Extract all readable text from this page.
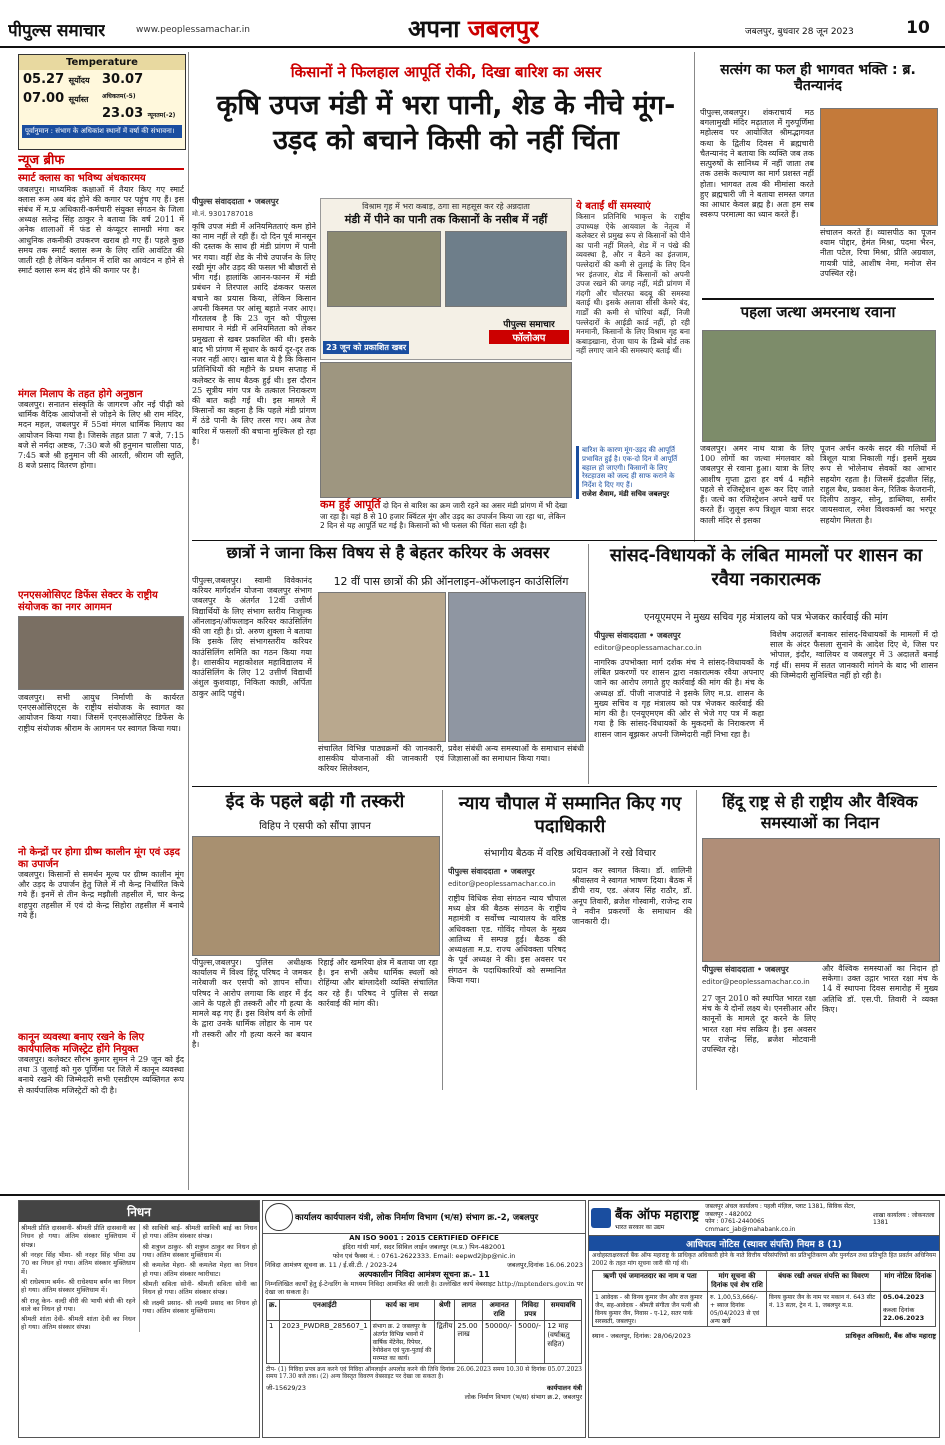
पीपुल्स समाचार	www.peoplessamachar.in	अपना जबलपुर	जबलपुर, बुधवार 28 जून 2023	10
Temperature
05.27 सूर्योदय
07.00 सूर्यास्त
30.07 अधिकतम(-5)
23.03 न्यूनतम(-2)
पूर्वानुमान : संभाग के अधिकांश स्थानों में वर्षा की संभावना।
न्यूज ब्रीफ
स्मार्ट क्लास का भविष्य अंधकारमय
जबलपुर। माध्यमिक कक्षाओं में तैयार किए गए स्मार्ट क्लास रूम अब बंद होने की कगार पर पहुंच गए हैं। इस संबंध में म.प्र अधिकारी-कर्मचारी संयुक्त संगठन के जिला अध्यक्ष सतेन्द्र सिंह ठाकुर ने बताया कि वर्ष 2011 में अनेक शालाओं में फंड से कंप्यूटर सामग्री मंगा कर आधुनिक तकनीकी उपकरण खराब हो गए हैं। पहले कुछ समय तक स्मार्ट क्लास रूम के लिए राशि आवंटित की जाती रही है लेकिन वर्तमान में राशि का आवंटन न होने से स्मार्ट क्लास रूम बंद होने की कगार पर है।
मंगल मिलाप के तहत होगे अनुष्ठान
जबलपुर। सनातन संस्कृति के जागरण और नई पीढ़ी को धार्मिक वैदिक आयोजनों से जोड़ने के लिए श्री राम मंदिर, मदन महल, जबलपुर में 55वां मंगल धार्मिक मिलाप का आयोजन किया गया है। जिसके तहत प्रातः 7 बजे, 7:15 बजे से नर्मदा अष्टक, 7:30 बजे श्री हनुमान चालीसा पाठ, 7:45 बजे श्री हनुमान जी की आरती, श्रीराम जी स्तुति, 8 बजे प्रसाद वितरण होगा।
एनएसओसिएट डिफेंस सेक्टर के राष्ट्रीय संयोजक का नगर आगमन
जबलपुर। सभी आयुध निर्माणी के कार्यरत एनएसओसिएट्स के राष्ट्रीय संयोजक के स्वागत का आयोजन किया गया। जिसमें एनएसओसिएट डिफेंस के राष्ट्रीय संयोजक श्रीराम के आगमन पर स्वागत किया गया।
नो केन्द्रों पर होगा ग्रीष्म कालीन मूंग एवं उड़द का उपार्जन
जबलपुर। किसानों से समर्थन मूल्य पर ग्रीष्म कालीन मूंग और उड़द के उपार्जन हेतु जिले में नौ केन्द्र निर्धारित किये गये हैं। इनमें से तीन केन्द्र मझौली तहसील में, चार केन्द्र शहपुरा तहसील में एवं दो केन्द्र सिहोरा तहसील में बनाये गये हैं।
कानून व्यवस्था बनाए रखने के लिए कार्यपालिक मजिस्ट्रेट होंगे नियुक्त
जबलपुर। कलेक्टर सौरभ कुमार सुमन ने 29 जून को ईद तथा 3 जुलाई को गुरु पूर्णिमा पर जिले में कानून व्यवस्था बनाये रखने की जिम्मेदारी सभी एसडीएम व्यक्तिगत रूप से कार्यपालिक मजिस्ट्रेटों को दी है।
किसानों ने फिलहाल आपूर्ति रोकी, दिखा बारिश का असर
कृषि उपज मंडी में भरा पानी, शेड के नीचे मूंग-उड़द को बचाने किसी को नहीं चिंता
पीपुल्स संवाददाता • जबलपुर
मो.नं. 9301787018
कृषि उपज मंडी में अनियमितताएं कम होने का नाम नहीं ले रही हैं। दो दिन पूर्व मानसून की दस्तक के साथ ही मंडी प्रांगण में पानी भर गया। वहीं शेड के नीचे उपार्जन के लिए रखी मूंग और उड़द की फसल भी बौछारों से भीग गई। हालांकि आनन-फानन में मंडी प्रबंधन ने तिरपाल आदि ढंककर फसल बचाने का प्रयास किया, लेकिन किसान अपनी किस्मत पर आंसू बहाते नजर आए। गौरतलब है कि 23 जून को पीपुल्स समाचार ने मंडी में अनियमितता को लेकर प्रमुखता से खबर प्रकाशित की थी। इसके बाद भी प्रांगण में सुधार के कार्य दूर-दूर तक नजर नहीं आए। खास बात ये है कि किसान प्रतिनिधियों की महीने के प्रथम सप्ताह में कलेक्टर के साथ बैठक हुई थी। इस दौरान 25 सूत्रीय मांग पत्र के तत्काल निराकरण की बात कही गई थी। इस मामले में किसानों का कहना है कि पहले मंडी प्रांगण में ठंडे पानी के लिए तरस गए। अब तेज बारिश में फसलों की बचाना मुश्किल हो रहा है।
विश्राम गृह में भरा कबाड़, ठगा सा महसूस कर रहे अन्नदाता
मंडी में पीने का पानी तक किसानों के नसीब में नहीं
23 जून को प्रकाशित खबर
पीपुल्स समाचार
फॉलोअप
कम हुई आपूर्ति दो दिन से बारिश का क्रम जारी रहने का असर मंडी प्रांगण में भी देखा जा रहा है। यहां 8 से 10 हजार क्विंटल मूंग और उड़द का उपार्जन किया जा रहा था, लेकिन 2 दिन से यह आपूर्ति घट गई है। किसानों को भी फसल की चिंता सता रही है।
ये बताईं थीं समस्याएं
किसान प्रतिनिधि भाकृत्त के राष्ट्रीय उपाध्यक्ष ऐके आयवाल के नेतृत्व में कलेक्टर से प्रमुख रूप से किसानों को पीने का पानी नहीं मिलने, शेड में न पंखे की व्यवस्था है, और न बैठने का इंतजाम, पल्लेदारों की कमी से तुलाई के लिए दिन भर इंतजार, शेड में किसानों को अपनी उपज रखने की जगह नहीं, मंडी प्रांगण में गंदगी और चौतरफा बदबू की समस्या बताई थी। इसके अलावा सीसी केमरे बंद, गार्डों की कमी से चोरियां बढ़ीं, निजी पल्लेदारों के आईडी कार्ड नहीं, हो रही मनमानी, किसानों के लिए विश्राम गृह बना कबाड़खाना, रोजा चाय के डिब्बे बोर्ड तक नहीं लगाए जाने की समस्याएं बताई थीं।
बारिश के कारण मूंग-उड़द की आपूर्ति प्रभावित हुई है। एक-दो दिन में आपूर्ति बहाल हो जाएगी। किसानों के लिए रेस्टहाउस को जल्द ही साफ कराने के निर्देश दे दिए गए हैं।
राजेश शैवाम, मंडी सचिव जबलपुर
सत्संग का फल ही भागवत भक्ति : ब्र. चैतन्यानंद
पीपुल्स,जबलपुर। शंकराचार्य मठ बगलामुखी मंदिर मढ़ाताल में गुरुपूर्णिमा महोत्सव पर आयोजित श्रीमद्भागवत कथा के द्वितीय दिवस में ब्रह्मचारी चैतन्यानंद ने बताया कि व्यक्ति जब तक सत्पुरुषों के सानिध्य में नहीं जाता तब तक उसके कल्याण का मार्ग प्रशस्त नहीं होता। भागवत तत्व की मीमांसा करते हुए ब्रह्मचारी जी ने बताया समस्त जगत का आधार केवल ब्रह्म है। अतः हम सब स्वरूप परमात्मा का ध्यान करते हैं।
संचालन करते हैं। व्यासपीठ का पूजन श्याम पोद्दार, हेमंत मिश्रा, पदमा भैरन, नीता पटेल, रिचा मिश्रा, प्रीति अग्रवाल, गायत्री पांडे, आशीष नेमा, मनोज सेन उपस्थित रहे।
पहला जत्था अमरनाथ रवाना
जबलपुर। अमर नाथ यात्रा के लिए 100 लोगों का जत्था मंगलवार को जबलपुर से रवाना हुआ। यात्रा के लिए आशीष गुप्ता द्वारा हर वर्ष 4 महीने पहले से रजिस्ट्रेशन शुरू कर दिए जाते हैं। जत्थे का रजिस्ट्रेशन अपने खर्चे पर करते हैं। जुलूस रूप त्रिशूल यात्रा सदर काली मंदिर से इसका
पूजन अर्चन करके सदर की गलियों में त्रिशूल यात्रा निकाली गई। इसमें मुख्य रूप से भोलेनाथ सेवकों का आभार सहयोग रहता है। जिसमें इंद्रजीत सिंह, राहुल बैध, प्रकाश केन, रितिक केजरानी, दिलीप ठाकुर, सोनू, डाब्लिया, समीर जायसवाल, रमेश विश्वकर्मा का भरपूर सहयोग मिलता है।
छात्रों ने जाना किस विषय से है बेहतर करियर के अवसर
पीपुल्स,जबलपुर। स्वामी विवेकानंद करियर मार्गदर्शन योजना जबलपुर संभाग जबलपुर के अंतर्गत 12वीं उत्तीर्ण विद्यार्थियों के लिए संभाग स्तरीय निःशुल्क ऑनलाइन/ऑफलाइन करियर काउंसिलिंग की जा रही है। प्रो. अरुण शुक्ला ने बताया कि इसके लिए संभागस्तरीय करियर काउंसिलिंग समिति का गठन किया गया है। शासकीय महाकोशल महाविद्यालय में काउंसिलिंग के लिए 12 उत्तीर्ण विद्यार्थी अंशुल कुशवाहा, निकिता काछी, अर्पिता ठाकुर आदि पहुंचे।
12 वीं पास छात्रों की फ्री ऑनलाइन-ऑफलाइन काउंसिलिंग
संचालित विभिन्न पाठ्यक्रमों की जानकारी, शासकीय योजनाओं की जानकारी एवं करियर सिलेक्शन,
प्रवेश संबंधी अन्य समस्याओं के समाधान संबंधी जिज्ञासाओं का समाधान किया गया।
सांसद-विधायकों के लंबित मामलों पर शासन का रवैया नकारात्मक
एनयूएमएम ने मुख्य सचिव गृह मंत्रालय को पत्र भेजकर कार्रवाई की मांग
पीपुल्स संवाददाता • जबलपुर
editor@peoplessamachar.co.in
नागरिक उपभोक्ता मार्ग दर्शक मंच ने सांसद-विधायकों के लंबित प्रकरणों पर शासन द्वारा नकारात्मक रवैया अपनाए जाने का आरोप लगाते हुए कार्रवाई की मांग की है। मंच के अध्यक्ष डॉ. पीजी नाजपांडे ने इसके लिए म.प्र. शासन के मुख्य सचिव व गृह मंत्रालय को पत्र भेजकर कार्रवाई की मांग की है। एनयूएमएम की ओर से भेजे गए पत्र में कहा गया है कि सांसद-विधायकों के मुकदमों के निराकरण में शासन जान बूझकर अपनी जिम्मेदारी नहीं निभा रहा है।
विशेष अदालतें बनाकर सांसद-विधायकों के मामलों में दो साल के अंदर फैसला सुनाने के आदेश दिए थे, जिस पर भोपाल, इंदौर, ग्वालियर व जबलपुर में 3 अदालतें बनाई गई थीं। समय में सतत जानकारी मांगने के बाद भी शासन की जिम्मेदारी सुनिश्चित नहीं हो रही है।
ईद के पहले बढ़ी गौ तस्करी
विहिप ने एसपी को सौंपा ज्ञापन
पीपुल्स,जबलपुर। पुलिस अधीक्षक कार्यालय में विश्व हिंदू परिषद ने जमकर नारेबाजी कर एसपी को ज्ञापन सौंपा। परिषद ने आरोप लगाया कि शहर में ईद आने के पहले ही तस्करी और गौ हत्या के मामले बढ़ गए हैं। इस विशेष वर्ग के लोगों के द्वारा उनके धार्मिक लोहार के नाम पर गौ तस्करी और गौ हत्या करने का बयान है।
रिहाई और खमरिया क्षेत्र में बताया जा रहा है। इन सभी अवैध धार्मिक स्थलों को रोहिंग्या और बांग्लादेशी व्यक्ति संचालित कर रहे हैं। परिषद ने पुलिस से सख्त कार्रवाई की मांग की।
न्याय चौपाल में सम्मानित किए गए पदाधिकारी
संभागीय बैठक में वरिष्ठ अधिवक्ताओं ने रखे विचार
पीपुल्स संवाददाता • जबलपुर
editor@peoplessamachar.co.in
राष्ट्रीय विधिक सेवा संगठन न्याय चौपाल मध्य क्षेत्र की बैठक संगठन के राष्ट्रीय महामंत्री व सर्वोच्च न्यायालय के वरिष्ठ अधिवक्ता एड. गोविंद गोयल के मुख्य आतिथ्य में सम्पन्न हुई। बैठक की अध्यक्षता म.प्र. राज्य अधिवक्ता परिषद के पूर्व अध्यक्ष ने की। इस अवसर पर संगठन के पदाधिकारियों को सम्मानित किया गया।
प्रदान कर स्वागत किया। डॉ. शालिनी श्रीवास्तव ने स्वागत भाषण दिया। बैठक में डीपी राय, एड. अंजय सिंह राठौर, डॉ. अनूप तिवारी, ब्रजेश गोस्वामी, राजेन्द्र राय ने नवीन प्रकरणों के समाधान की जानकारी दी।
हिंदू राष्ट्र से ही राष्ट्रीय और वैश्विक समस्याओं का निदान
पीपुल्स संवाददाता • जबलपुर
editor@peoplessamachar.co.in
27 जून 2010 को स्थापित भारत रक्षा मंच के ये दोनों लक्ष्य थे। एनसीआर और कानूनों के मामले दूर करने के लिए भारत रक्षा मंच सक्रिय है। इस अवसर पर राजेन्द्र सिंह, ब्रजेश मोटवानी उपस्थित रहे।
और वैश्विक समस्याओं का निदान हो सकेगा। उक्त उद्गार भारत रक्षा मंच के 14 वें स्थापना दिवस समारोह में मुख्य अतिथि डॉ. एस.पी. तिवारी ने व्यक्त किए।
निधन
श्रीमती प्रीति दासवानी- श्रीमती प्रीति दासवानी का निधन हो गया। अंतिम संस्कार मुक्तिधाम में संपन्न।
श्री नरहर सिंह भीमा- श्री नरहर सिंह भीमा उम्र 70 का निधन हो गया। अंतिम संस्कार मुक्तिधाम में।
श्री राधेश्याम बर्मन- श्री राधेश्याम बर्मन का निधन हो गया। अंतिम संस्कार मुक्तिधाम में।
श्री राजू केन- वल्दी वीरी की भायी बंधी की रहने वाले का निधन हो गया।
श्रीमती शांता देवी- श्रीमती शांता देवी का निधन हो गया। अंतिम संस्कार संपन्न।
श्री सावित्री बाई- श्रीमती सावित्री बाई का निधन हो गया। अंतिम संस्कार संपन्न।
श्री शत्रुघ्न ठाकुर- श्री शत्रुघ्न ठाकुर का निधन हो गया। अंतिम संस्कार मुक्तिधाम में।
श्री कमलेश मेहरा- श्री कमलेश मेहरा का निधन हो गया। अंतिम संस्कार ग्वारीघाट।
श्रीमती सविता सोनी- श्रीमती सविता सोनी का निधन हो गया। अंतिम संस्कार संपन्न।
श्री लक्ष्मी प्रसाद- श्री लक्ष्मी प्रसाद का निधन हो गया। अंतिम संस्कार मुक्तिधाम।
कार्यालय कार्यपालन यंत्री, लोक निर्माण विभाग (भ/स) संभाग क्र.-2, जबलपुर
AN ISO 9001 : 2015 CERTIFIED OFFICE
इंदिरा गांधी मार्ग, सदर सिविल लाईन जबलपुर (म.प्र.) पिन-482001
फोन एवं फैक्स नं. : 0761-2622333. Email: eepwd2jbp@nic.in
निविदा आमंत्रण सूचना क्र. 11 / ई.सी.टी. / 2023-24	जबलपुर,दिनांक 16.06.2023
अल्पकालीन निविदा आमंत्रण सूचना क्र.- 11
निम्नलिखित कार्यों हेतु ई-टेन्डरिंग के माध्यम निविदा आमंत्रित की जाती है। उल्लेखित कार्य वेबसाइट http://mptenders.gov.in पर देखा जा सकता है।
क्र.	एनआईटी	कार्य का नाम	श्रेणी	लागत	अमानत राशि	निविदा प्रपत्र	समयावधि
1	2023_PWDRB_285607_1	संभाग क्र. 2 जबलपुर के अंतर्गत विभिन्न भवनों में वार्षिक मेंटेनेंस, रिपेयर, रेनोवेशन एवं पुता-पुताई की मरम्मत का कार्य।	द्वितीय	25.00 लाख	50000/-	5000/-	12 माह (वर्षाऋतु सहित)
टीप- (1) निविदा प्रपत्र क्रय करने एवं निविदा ऑनलाईन अपलोड करने की तिथि दिनांक 26.06.2023 समय 10.30 से दिनांक 05.07.2023 समय 17.30 बजे तक। (2) अन्य विस्तृत विवरण वेबसाइट पर देखा जा सकता है।
जी-15629/23	कार्यपालन यंत्री
लोक निर्माण विभाग (भ/स) संभाग क्र.2, जबलपुर
बैंक ऑफ महाराष्ट्र
भारत सरकार का उद्यम
जबलपुर अंचल कार्यालय : पहली मंज़िल, प्लाट 1381, सिविक सेंटर, जबलपुर - 482002
फोन : 0761-2440065
cmmarc_jab@mahabank.co.in
शाखा कार्यालय : जोकनतला 1381
आधिपत्य नोटिस (स्थावर संपत्ति) नियम 8 (1)
अधोहस्ताक्षरकर्ता बैंक ऑफ महाराष्ट्र के प्राधिकृत अधिकारी होने के नाते वित्तीय परिसंपत्तियों का प्रतिभूतिकरण और पुनर्गठन तथा प्रतिभूति हित प्रवर्तन अधिनियम 2002 के तहत मांग सूचना जारी की गई थी।
ऋणी एवं जमानतदार का नाम व पता	मांग सूचना की दिनांक एवं शेष राशि	बंधक रखी अचल संपत्ति का विवरण	मांग नोटिस दिनांक
1 आवेदक - श्री विनय कुमार जैन और राज कुमार जैन, सह-आवेदक - श्रीमती संगीता जैन पत्नी श्री विनय कुमार जैन, निवास - ए-12, सतर पार्क सरस्वती, जबलपुर।	रु. 1,00,53,666/- + ब्याज दिनांक 05/04/2023 से एवं अन्य खर्चे	विनय कुमार जैन के नाम पर मकान नं. 643 सीट नं. 13 सतर, ट्रेन नं. 1, जबलपुर म.प्र.	05.04.2023
कब्जा दिनांक
22.06.2023
स्थान - जबलपुर, दिनांक: 28/06/2023	प्राधिकृत अधिकारी, बैंक ऑफ महाराष्ट्र
